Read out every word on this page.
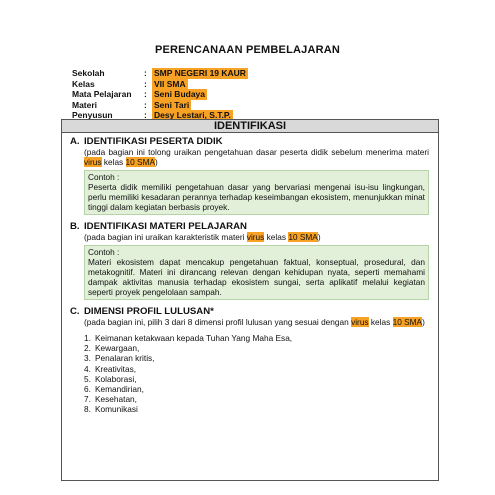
PERENCANAAN PEMBELAJARAN
Sekolah	: SMP NEGERI 19 KAUR
Kelas	: VII SMA
Mata Pelajaran	: Seni Budaya
Materi	: Seni Tari
Penyusun	: Desy Lestari, S.T.P.
IDENTIFIKASI
A. IDENTIFIKASI PESERTA DIDIK
(pada bagian ini tolong uraikan pengetahuan dasar peserta didik sebelum menerima materi virus kelas 10 SMA)
Contoh :
Peserta didik memiliki pengetahuan dasar yang bervariasi mengenai isu-isu lingkungan, perlu memiliki kesadaran perannya terhadap keseimbangan ekosistem, menunjukkan minat tinggi dalam kegiatan berbasis proyek.
B. IDENTIFIKASI MATERI PELAJARAN
(pada bagian ini uraikan karakteristik materi virus kelas 10 SMA)
Contoh :
Materi ekosistem dapat mencakup pengetahuan faktual, konseptual, prosedural, dan metakognitif. Materi ini dirancang relevan dengan kehidupan nyata, seperti memahami dampak aktivitas manusia terhadap ekosistem sungai, serta aplikatif melalui kegiatan seperti proyek pengelolaan sampah.
C. DIMENSI PROFIL LULUSAN*
(pada bagian ini, pilih 3 dari 8 dimensi profil lulusan yang sesuai dengan virus kelas 10 SMA)
1. Keimanan ketakwaan kepada Tuhan Yang Maha Esa,
2. Kewargaan,
3. Penalaran kritis,
4. Kreativitas,
5. Kolaborasi,
6. Kemandirian,
7. Kesehatan,
8. Komunikasi
